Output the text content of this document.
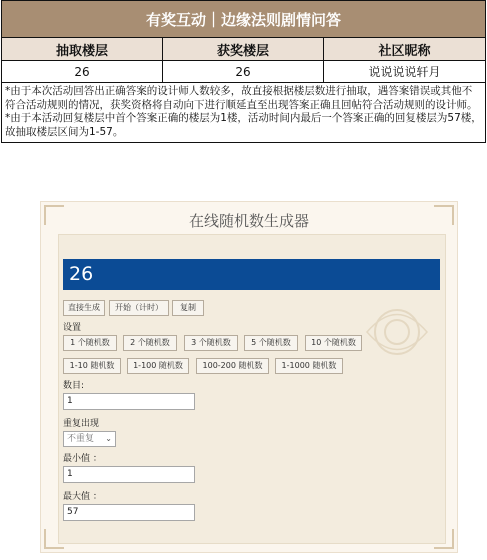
有奖互动｜边缘法则剧情问答		
抽取楼层	获奖楼层	社区昵称
26	26	说说说说轩月

*由于本次活动回答出正确答案的设计师人数较多，故直接根据楼层数进行抽取，遇答案错误或其他不符合活动规则的情况，获奖资格将自动向下进行顺延直至出现答案正确且回帖符合活动规则的设计师。

*由于本活动回复楼层中首个答案正确的楼层为1楼，活动时间内最后一个答案正确的回复楼层为57楼，故抽取楼层区间为1-57。		

在线随机数生成器
26
直接生成	开始（计时）	复制
设置
1 个随机数	2 个随机数	3 个随机数	5 个随机数	10 个随机数
1-10 随机数	1-100 随机数	100-200 随机数	1-1000 随机数
数目:
1
重复出现
不重复 ⌄
最小值 ：
1
最大值 ：
57
